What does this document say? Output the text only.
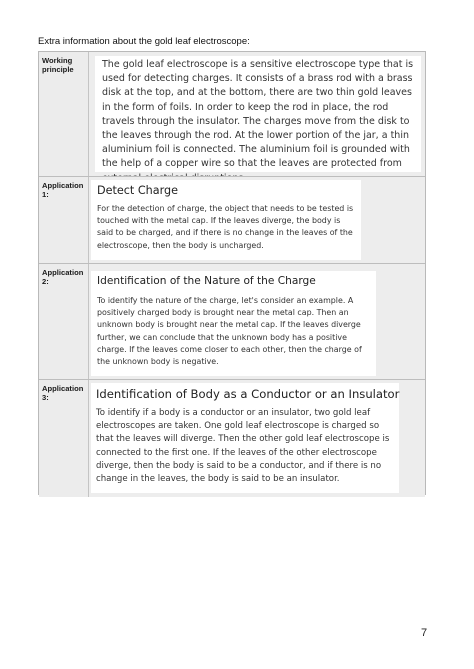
Extra information about the gold leaf electroscope:
Working principle	The gold leaf electroscope is a sensitive electroscope type that is used for detecting charges. It consists of a brass rod with a brass disk at the top, and at the bottom, there are two thin gold leaves in the form of foils. In order to keep the rod in place, the rod travels through the insulator. The charges move from the disk to the leaves through the rod. At the lower portion of the jar, a thin aluminium foil is connected. The aluminium foil is grounded with the help of a copper wire so that the leaves are protected from
Application 1:	Detect Charge
For the detection of charge, the object that needs to be tested is touched with the metal cap. If the leaves diverge, the body is said to be charged, and if there is no change in the leaves of the electroscope, then the body is uncharged.
Application 2:	Identification of the Nature of the Charge
To identify the nature of the charge, let's consider an example. A positively charged body is brought near the metal cap. Then an unknown body is brought near the metal cap. If the leaves diverge further, we can conclude that the unknown body has a positive charge. If the leaves come closer to each other, then the charge of the unknown body is negative.
Application 3:	Identification of Body as a Conductor or an Insulator
To identify if a body is a conductor or an insulator, two gold leaf electroscopes are taken. One gold leaf electroscope is charged so that the leaves will diverge. Then the other gold leaf electroscope is connected to the first one. If the leaves of the other electroscope diverge, then the body is said to be a conductor, and if there is no change in the leaves, the body is said to be an insulator.
7
